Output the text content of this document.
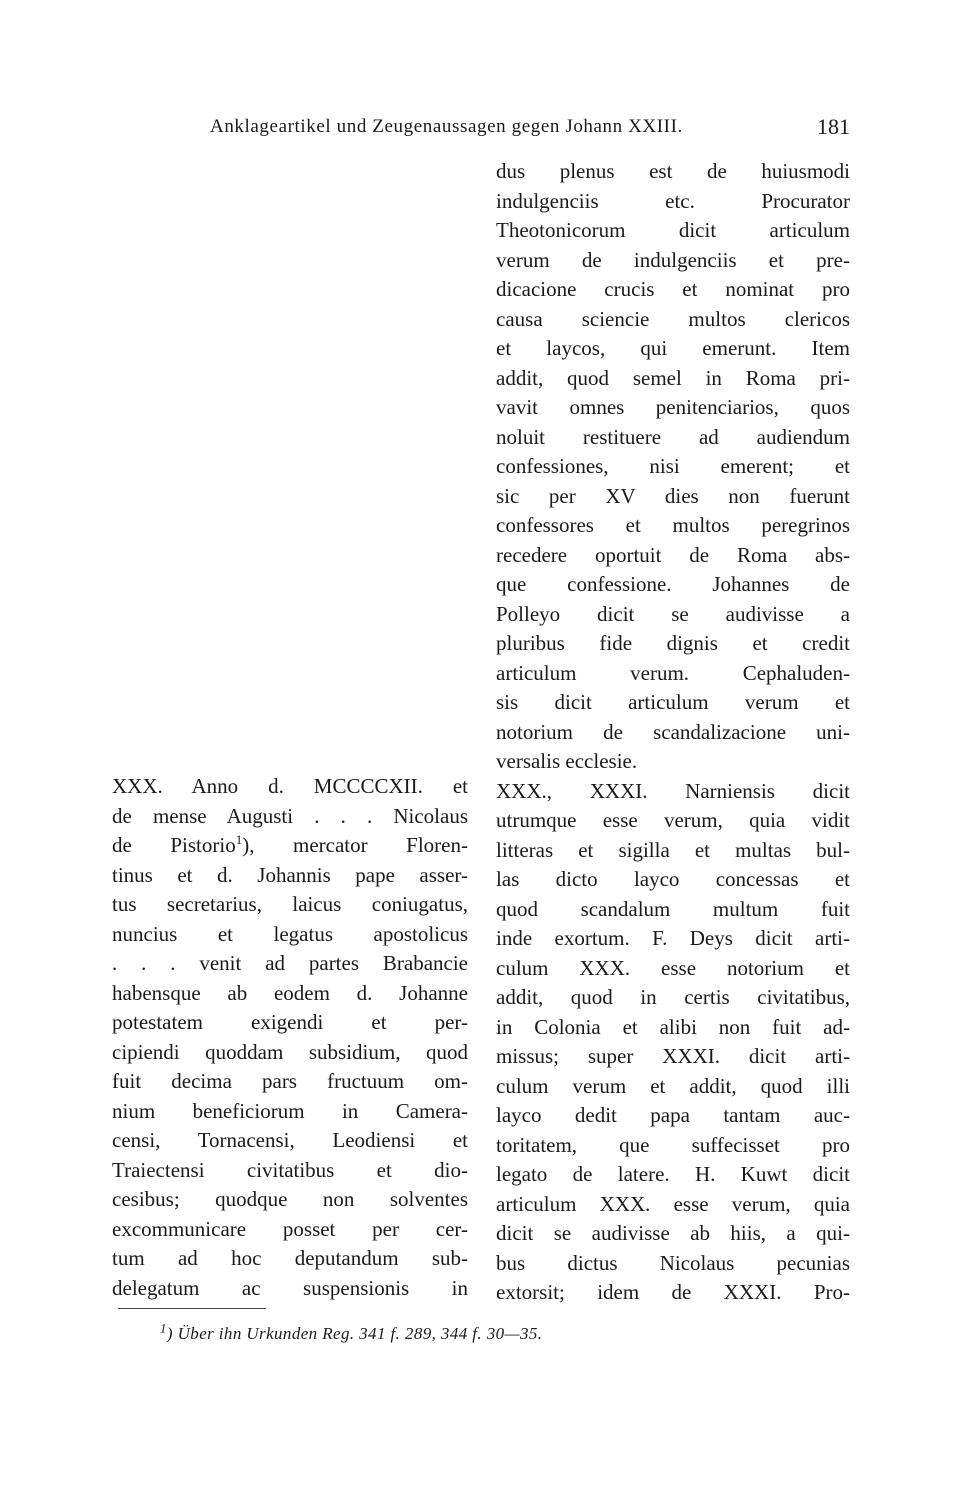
Anklageartikel und Zeugenaussagen gegen Johann XXIII.	181
XXX. Anno d. MCCCCXII. et
de mense Augusti . . . Nicolaus
de Pistorio$^1$), mercator Floren-
tinus et d. Johannis pape asser-
tus secretarius, laicus coniugatus,
nuncius et legatus apostolicus
. . . venit ad partes Brabancie
habensque ab eodem d. Johanne
potestatem exigendi et per-
cipiendi quoddam subsidium, quod
fuit decima pars fructuum om-
nium beneficiorum in Camera-
censi, Tornacensi, Leodiensi et
Traiectensi civitatibus et dio-
cesibus; quodque non solventes
excommunicare posset per cer-
tum ad hoc deputandum sub-
delegatum ac suspensionis in
dus plenus est de huiusmodi
indulgenciis etc. Procurator
Theotonicorum dicit articulum
verum de indulgenciis et pre-
dicacione crucis et nominat pro
causa sciencie multos clericos
et laycos, qui emerunt. Item
addit, quod semel in Roma pri-
vavit omnes penitenciarios, quos
noluit restituere ad audiendum
confessiones, nisi emerent; et
sic per XV dies non fuerunt
confessores et multos peregrinos
recedere oportuit de Roma abs-
que confessione. Johannes de
Polleyo dicit se audivisse a
pluribus fide dignis et credit
articulum verum. Cephaluden-
sis dicit articulum verum et
notorium de scandalizacione uni-
versalis ecclesie.
XXX., XXXI. Narniensis dicit
utrumque esse verum, quia vidit
litteras et sigilla et multas bul-
las dicto layco concessas et
quod scandalum multum fuit
inde exortum. F. Deys dicit arti-
culum XXX. esse notorium et
addit, quod in certis civitatibus,
in Colonia et alibi non fuit ad-
missus; super XXXI. dicit arti-
culum verum et addit, quod illi
layco dedit papa tantam auc-
toritatem, que suffecisset pro
legato de latere. H. Kuwt dicit
articulum XXX. esse verum, quia
dicit se audivisse ab hiis, a qui-
bus dictus Nicolaus pecunias
extorsit; idem de XXXI. Pro-
$^1$) Über ihn Urkunden Reg. 341 f. 289, 344 f. 30—35.
